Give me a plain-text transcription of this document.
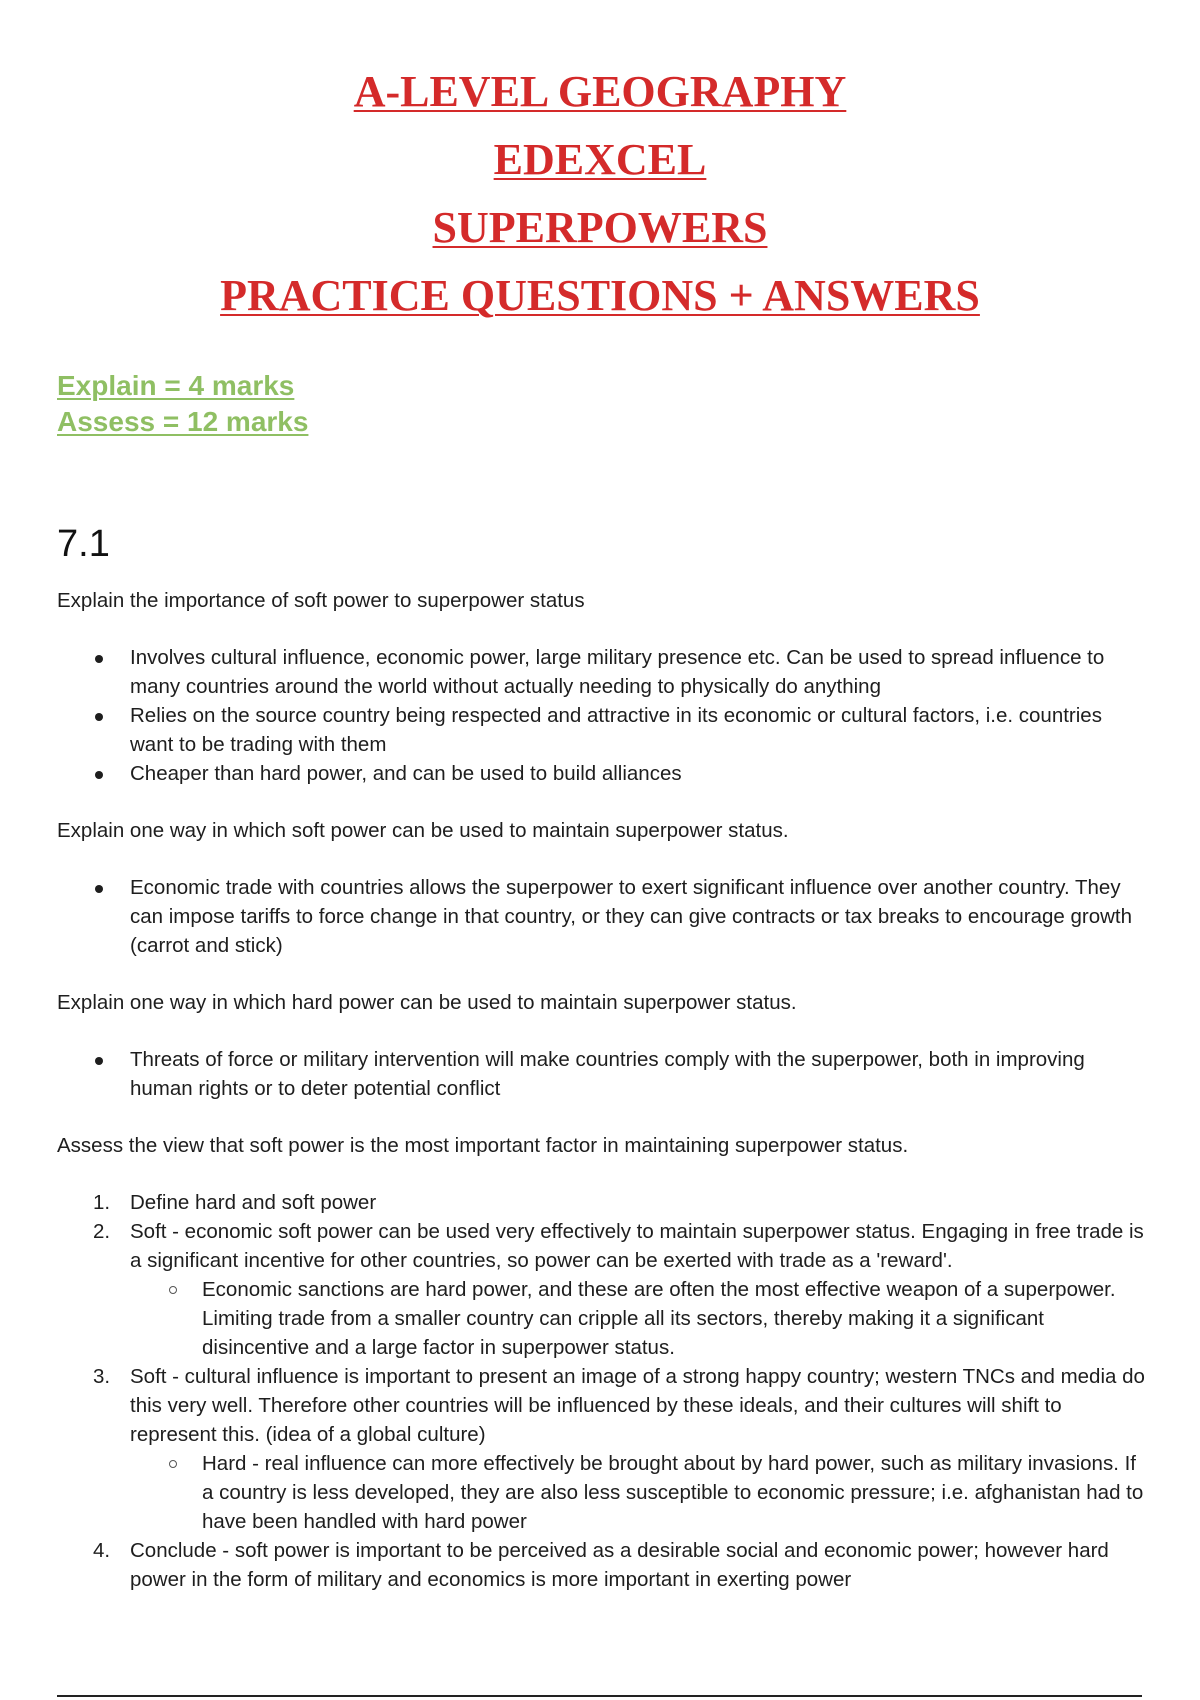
A-LEVEL GEOGRAPHY
EDEXCEL
SUPERPOWERS
PRACTICE QUESTIONS + ANSWERS
Explain = 4 marks
Assess = 12 marks
7.1

Explain the importance of soft power to superpower status

Involves cultural influence, economic power, large military presence etc. Can be used to spread influence to many countries around the world without actually needing to physically do anything
Relies on the source country being respected and attractive in its economic or cultural factors, i.e. countries want to be trading with them
Cheaper than hard power, and can be used to build alliances

Explain one way in which soft power can be used to maintain superpower status.

Economic trade with countries allows the superpower to exert significant influence over another country. They can impose tariffs to force change in that country, or they can give contracts or tax breaks to encourage growth (carrot and stick)

Explain one way in which hard power can be used to maintain superpower status.

Threats of force or military intervention will make countries comply with the superpower, both in improving human rights or to deter potential conflict

Assess the view that soft power is the most important factor in maintaining superpower status.

1. Define hard and soft power
2. Soft - economic soft power can be used very effectively to maintain superpower status. Engaging in free trade is a significant incentive for other countries, so power can be exerted with trade as a 'reward'.
Economic sanctions are hard power, and these are often the most effective weapon of a superpower. Limiting trade from a smaller country can cripple all its sectors, thereby making it a significant disincentive and a large factor in superpower status.
3. Soft - cultural influence is important to present an image of a strong happy country; western TNCs and media do this very well. Therefore other countries will be influenced by these ideals, and their cultures will shift to represent this. (idea of a global culture)
Hard - real influence can more effectively be brought about by hard power, such as military invasions. If a country is less developed, they are also less susceptible to economic pressure; i.e. afghanistan had to have been handled with hard power
4. Conclude - soft power is important to be perceived as a desirable social and economic power; however hard power in the form of military and economics is more important in exerting power
